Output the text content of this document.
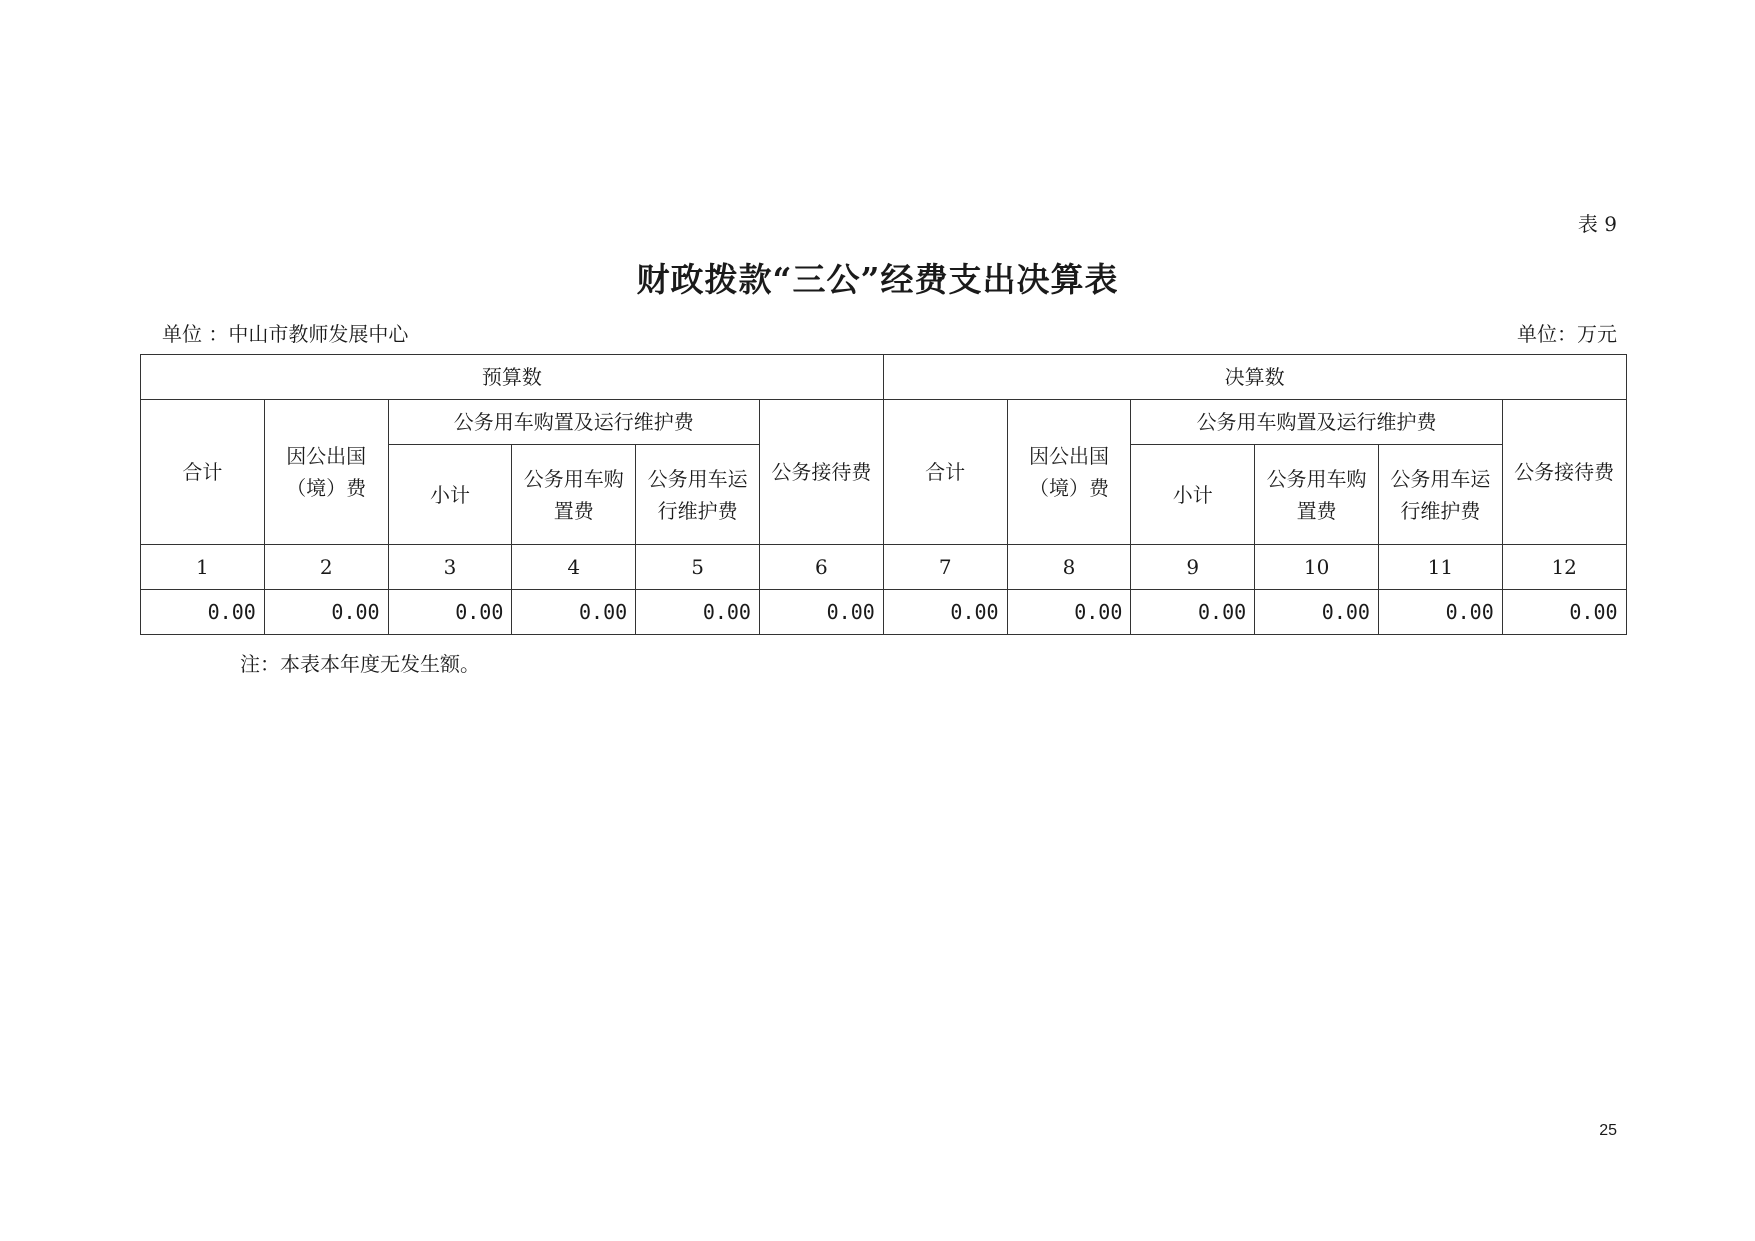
表 9
财政拨款“三公”经费支出决算表
单位 ：中山市教师发展中心	单位：万元
预算数						决算数					
合计	因公出国（境）费	公务用车购置及运行维护费			公务接待费	合计	因公出国（境）费	公务用车购置及运行维护费			公务接待费
		小计	公务用车购置费	公务用车运行维护费				小计	公务用车购置费	公务用车运行维护费	
1	2	3	4	5	6	7	8	9	10	11	12
0.00	0.00	0.00	0.00	0.00	0.00	0.00	0.00	0.00	0.00	0.00	0.00
注：本表本年度无发生额。
25
